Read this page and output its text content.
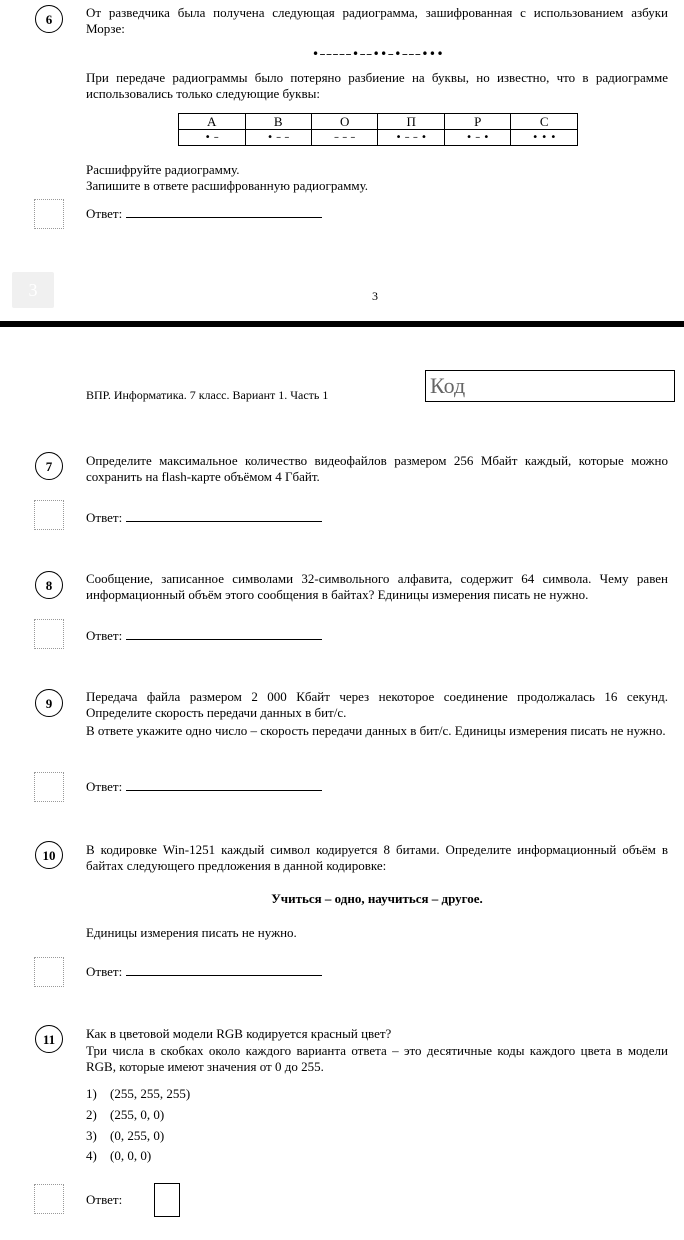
6	От разведчика была получена следующая радиограмма, зашифрованная с использованием азбуки Морзе:
•–––––•––••–•–––•••
При передаче радиограммы было потеряно разбиение на буквы, но известно, что в радиограмме использовались только следующие буквы:
А	В	О	П	Р	С
• –	• – –	– – –	• – – •	• – •	• • •
Расшифруйте радиограмму.
Запишите в ответе расшифрованную радиограмму.
Ответ:
3	3
ВПР. Информатика. 7 класс. Вариант 1. Часть 1	Код
7	Определите максимальное количество видеофайлов размером 256 Мбайт каждый, которые можно сохранить на flash-карте объёмом 4 Гбайт.
Ответ:
8	Сообщение, записанное символами 32-символьного алфавита, содержит 64 символа. Чему равен информационный объём этого сообщения в байтах? Единицы измерения писать не нужно.
Ответ:
9	Передача файла размером 2 000 Кбайт через некоторое соединение продолжалась 16 секунд. Определите скорость передачи данных в бит/с.
В ответе укажите одно число – скорость передачи данных в бит/с. Единицы измерения писать не нужно.
Ответ:
10	В кодировке Win-1251 каждый символ кодируется 8 битами. Определите информационный объём в байтах следующего предложения в данной кодировке:
Учиться – одно, научиться – другое.
Единицы измерения писать не нужно.
Ответ:
11	Как в цветовой модели RGB кодируется красный цвет?
Три числа в скобках около каждого варианта ответа – это десятичные коды каждого цвета в модели RGB, которые имеют значения от 0 до 255.
1) (255, 255, 255)
2) (255, 0, 0)
3) (0, 255, 0)
4) (0, 0, 0)
Ответ:
